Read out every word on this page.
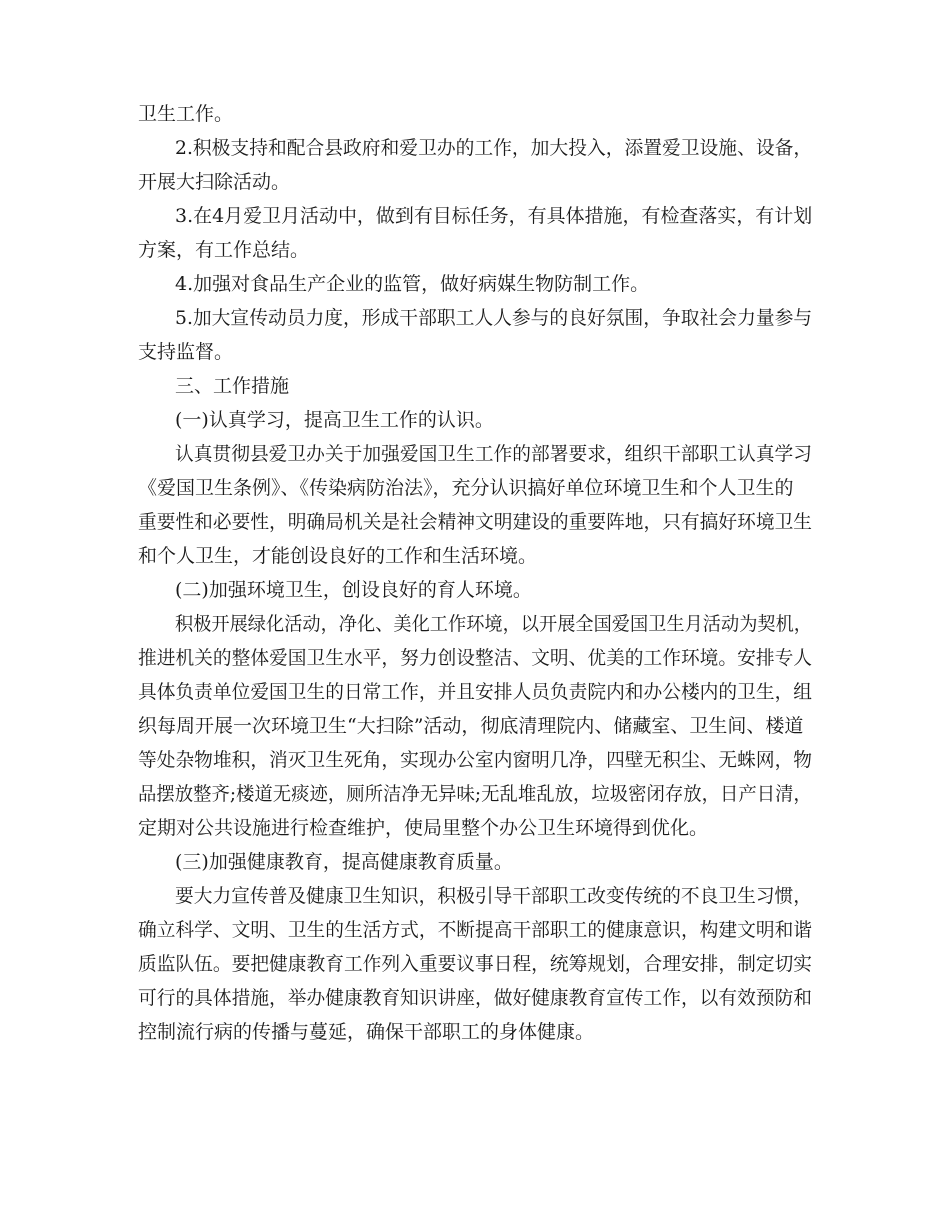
卫生工作。
2.积极支持和配合县政府和爱卫办的工作，加大投入，添置爱卫设施、设备，
开展大扫除活动。
3.在4月爱卫月活动中，做到有目标任务，有具体措施，有检查落实，有计划
方案，有工作总结。
4.加强对食品生产企业的监管，做好病媒生物防制工作。
5.加大宣传动员力度，形成干部职工人人参与的良好氛围，争取社会力量参与
支持监督。
三、工作措施
(一)认真学习，提高卫生工作的认识。
认真贯彻县爱卫办关于加强爱国卫生工作的部署要求，组织干部职工认真学习
《爱国卫生条例》、《传染病防治法》，充分认识搞好单位环境卫生和个人卫生的
重要性和必要性，明确局机关是社会精神文明建设的重要阵地，只有搞好环境卫生
和个人卫生，才能创设良好的工作和生活环境。
(二)加强环境卫生，创设良好的育人环境。
积极开展绿化活动，净化、美化工作环境，以开展全国爱国卫生月活动为契机，
推进机关的整体爱国卫生水平，努力创设整洁、文明、优美的工作环境。安排专人
具体负责单位爱国卫生的日常工作，并且安排人员负责院内和办公楼内的卫生，组
织每周开展一次环境卫生“大扫除”活动，彻底清理院内、储藏室、卫生间、楼道
等处杂物堆积，消灭卫生死角，实现办公室内窗明几净，四壁无积尘、无蛛网，物
品摆放整齐;楼道无痰迹，厕所洁净无异味;无乱堆乱放，垃圾密闭存放，日产日清，
定期对公共设施进行检查维护，使局里整个办公卫生环境得到优化。
(三)加强健康教育，提高健康教育质量。
要大力宣传普及健康卫生知识，积极引导干部职工改变传统的不良卫生习惯，
确立科学、文明、卫生的生活方式，不断提高干部职工的健康意识，构建文明和谐
质监队伍。要把健康教育工作列入重要议事日程，统筹规划，合理安排，制定切实
可行的具体措施，举办健康教育知识讲座，做好健康教育宣传工作，以有效预防和
控制流行病的传播与蔓延，确保干部职工的身体健康。
